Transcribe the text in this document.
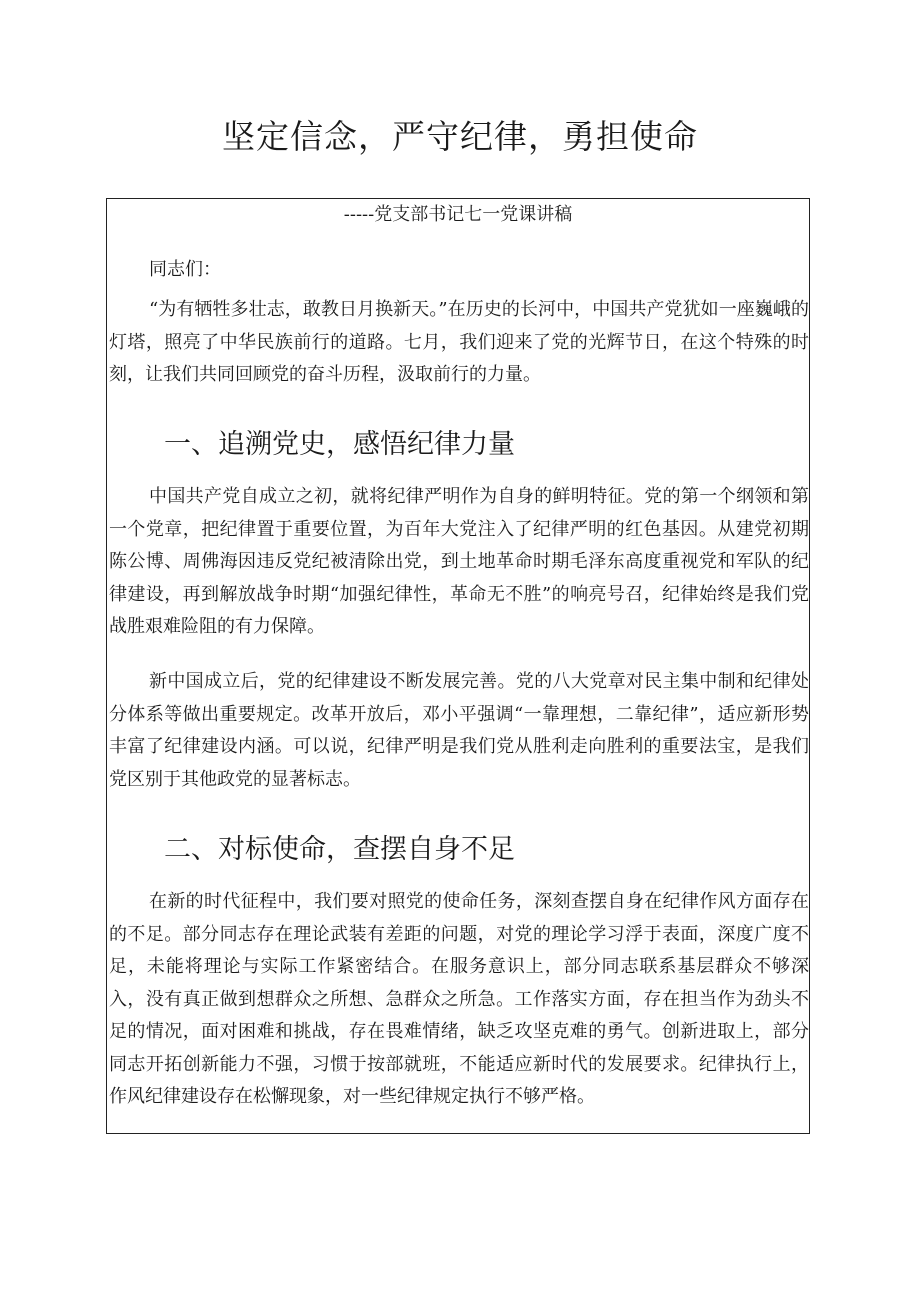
坚定信念，严守纪律，勇担使命
-----党支部书记七一党课讲稿
同志们：

“为有牺牲多壮志，敢教日月换新天。”在历史的长河中，中国共产党犹如一座巍峨的灯塔，照亮了中华民族前行的道路。七月，我们迎来了党的光辉节日，在这个特殊的时刻，让我们共同回顾党的奋斗历程，汲取前行的力量。

一、追溯党史，感悟纪律力量

中国共产党自成立之初，就将纪律严明作为自身的鲜明特征。党的第一个纲领和第一个党章，把纪律置于重要位置，为百年大党注入了纪律严明的红色基因。从建党初期陈公博、周佛海因违反党纪被清除出党，到土地革命时期毛泽东高度重视党和军队的纪律建设，再到解放战争时期“加强纪律性，革命无不胜”的响亮号召，纪律始终是我们党战胜艰难险阻的有力保障。

新中国成立后，党的纪律建设不断发展完善。党的八大党章对民主集中制和纪律处分体系等做出重要规定。改革开放后，邓小平强调“一靠理想，二靠纪律”，适应新形势丰富了纪律建设内涵。可以说，纪律严明是我们党从胜利走向胜利的重要法宝，是我们党区别于其他政党的显著标志。

二、对标使命，查摆自身不足

在新的时代征程中，我们要对照党的使命任务，深刻查摆自身在纪律作风方面存在的不足。部分同志存在理论武装有差距的问题，对党的理论学习浮于表面，深度广度不足，未能将理论与实际工作紧密结合。在服务意识上，部分同志联系基层群众不够深入，没有真正做到想群众之所想、急群众之所急。工作落实方面，存在担当作为劲头不足的情况，面对困难和挑战，存在畏难情绪，缺乏攻坚克难的勇气。创新进取上，部分同志开拓创新能力不强，习惯于按部就班，不能适应新时代的发展要求。纪律执行上，作风纪律建设存在松懈现象，对一些纪律规定执行不够严格。
